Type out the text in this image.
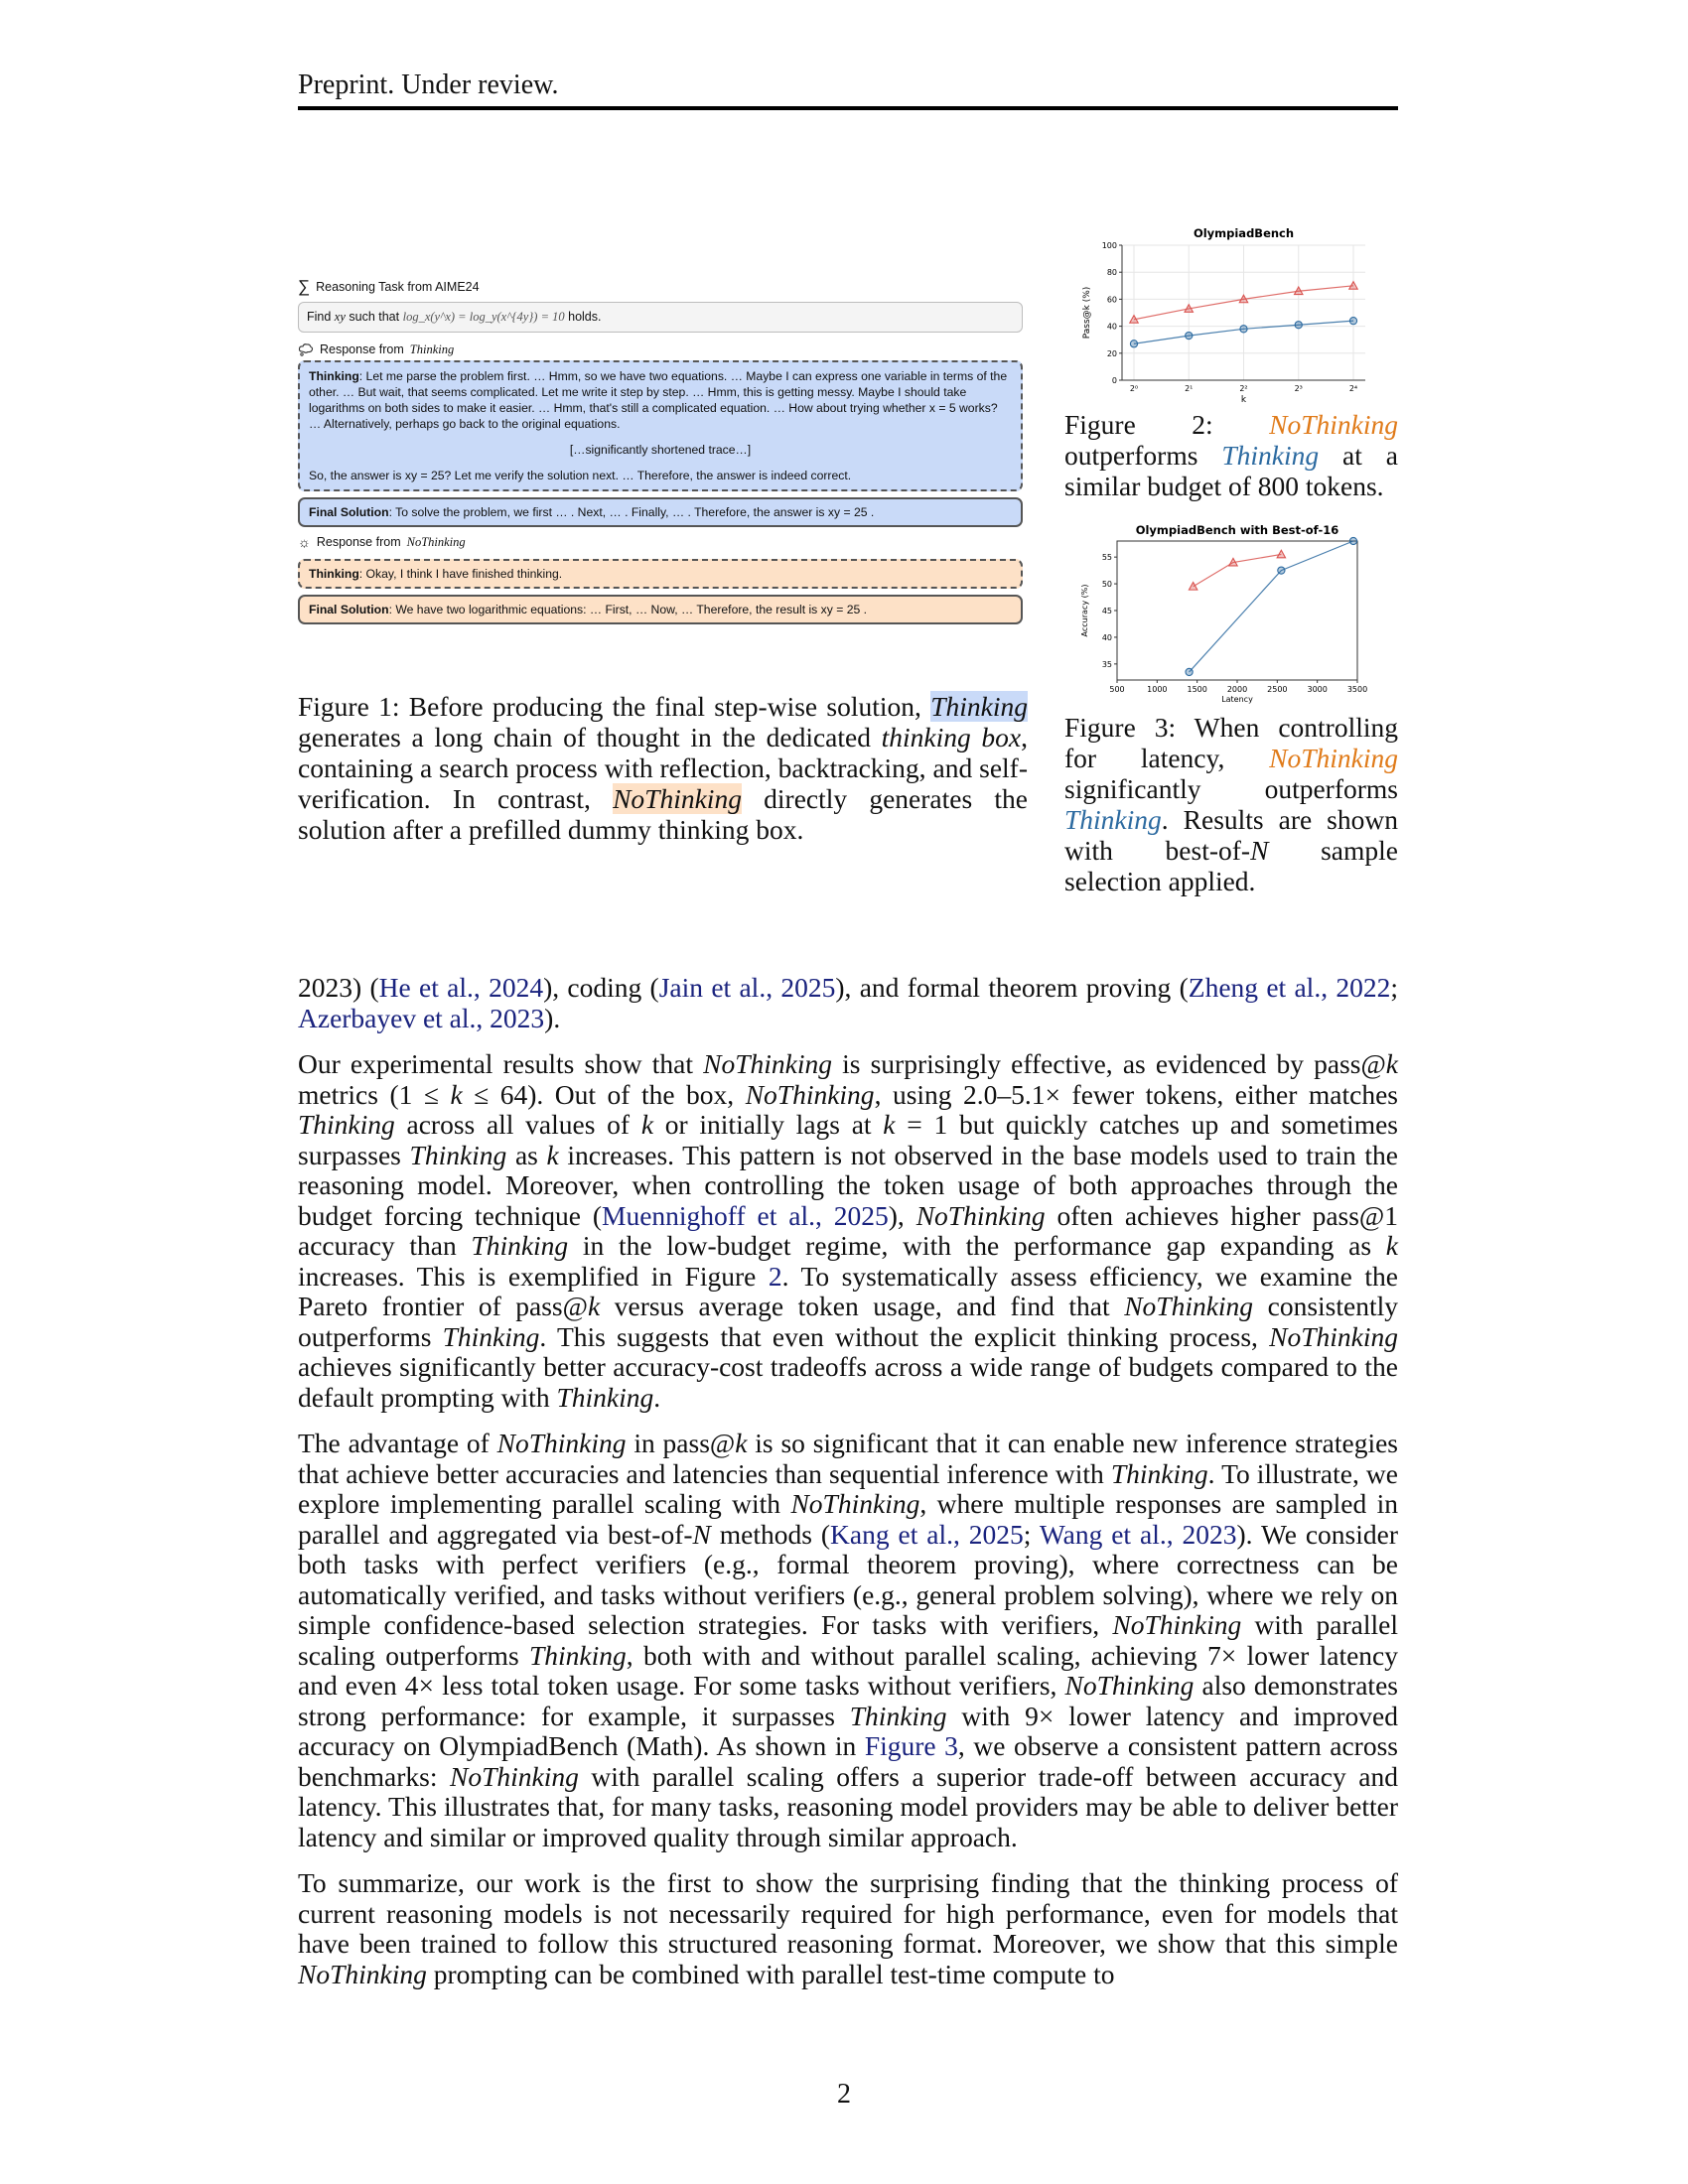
Preprint. Under review.
∑ Reasoning Task from AIME24
Find xy such that log_x(y^x) = log_y(x^{4y}) = 10 holds.
Response from Thinking
Thinking: Let me parse the problem first. … Hmm, so we have two equations. … Maybe I can express one variable in terms of the other. … But wait, that seems complicated. Let me write it step by step. … Hmm, this is getting messy. Maybe I should take logarithms on both sides to make it easier. … Hmm, that's still a complicated equation. … How about trying whether x = 5 works? … Alternatively, perhaps go back to the original equations.
[…significantly shortened trace…]
So, the answer is xy = 25? Let me verify the solution next. … Therefore, the answer is indeed correct.
Final Solution: To solve the problem, we first … . Next, … . Finally, … . Therefore, the answer is xy = 25 .
☼ Response from NoThinking
Thinking: Okay, I think I have finished thinking.
Final Solution: We have two logarithmic equations: … First, … Now, … Therefore, the result is xy = 25 .
Figure 1: Before producing the final step-wise solution, Thinking generates a long chain of thought in the dedicated thinking box, containing a search process with reflection, backtracking, and self-verification. In contrast, NoThinking directly generates the solution after a prefilled dummy thinking box.
OlympiadBench
0
20
40
60
80
100
2⁰	2¹	2²	2³	2⁴
k
Pass@k (%)
Figure 2: NoThinking outperforms Thinking at a similar budget of 800 tokens.
OlympiadBench with Best-of-16
35
40
45
50
55
500	1000 1500 2000 2500 3000 3500
Latency
Accuracy (%)
Figure 3: When controlling for latency, NoThinking significantly outperforms Thinking. Results are shown with best-of-N sample selection applied.

2023) (He et al., 2024), coding (Jain et al., 2025), and formal theorem proving (Zheng et al., 2022; Azerbayev et al., 2023).

Our experimental results show that NoThinking is surprisingly effective, as evidenced by pass@k metrics (1 ≤ k ≤ 64). Out of the box, NoThinking, using 2.0–5.1× fewer tokens, either matches Thinking across all values of k or initially lags at k = 1 but quickly catches up and sometimes surpasses Thinking as k increases. This pattern is not observed in the base models used to train the reasoning model. Moreover, when controlling the token usage of both approaches through the budget forcing technique (Muennighoff et al., 2025), NoThinking often achieves higher pass@1 accuracy than Thinking in the low-budget regime, with the performance gap expanding as k increases. This is exemplified in Figure 2. To systematically assess efficiency, we examine the Pareto frontier of pass@k versus average token usage, and find that NoThinking consistently outperforms Thinking. This suggests that even without the explicit thinking process, NoThinking achieves significantly better accuracy-cost tradeoffs across a wide range of budgets compared to the default prompting with Thinking.

The advantage of NoThinking in pass@k is so significant that it can enable new inference strategies that achieve better accuracies and latencies than sequential inference with Thinking. To illustrate, we explore implementing parallel scaling with NoThinking, where multiple responses are sampled in parallel and aggregated via best-of-N methods (Kang et al., 2025; Wang et al., 2023). We consider both tasks with perfect verifiers (e.g., formal theorem proving), where correctness can be automatically verified, and tasks without verifiers (e.g., general problem solving), where we rely on simple confidence-based selection strategies. For tasks with verifiers, NoThinking with parallel scaling outperforms Thinking, both with and without parallel scaling, achieving 7× lower latency and even 4× less total token usage. For some tasks without verifiers, NoThinking also demonstrates strong performance: for example, it surpasses Thinking with 9× lower latency and improved accuracy on OlympiadBench (Math). As shown in Figure 3, we observe a consistent pattern across benchmarks: NoThinking with parallel scaling offers a superior trade-off between accuracy and latency. This illustrates that, for many tasks, reasoning model providers may be able to deliver better latency and similar or improved quality through similar approach.

To summarize, our work is the first to show the surprising finding that the thinking process of current reasoning models is not necessarily required for high performance, even for models that have been trained to follow this structured reasoning format. Moreover, we show that this simple NoThinking prompting can be combined with parallel test-time compute to

2
